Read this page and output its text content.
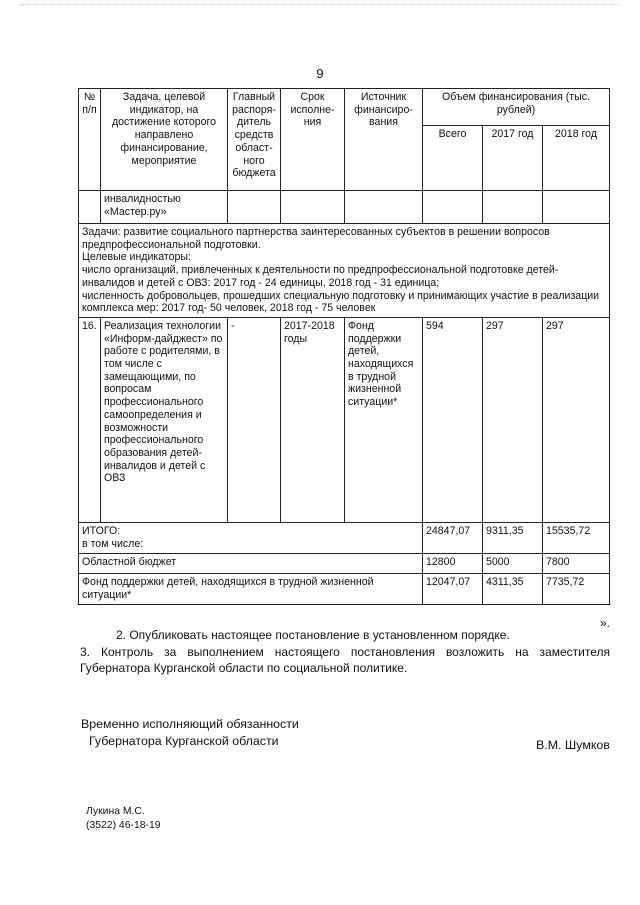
9
№ п/п	Задача, целевой индикатор, на достижение которого направлено финансирование, мероприятие	Главный распоря-дитель средств област-ного бюджета	Срок исполне-ния	Источник финансиро-вания	Объем финансирования (тыс. рублей)		
					Всего	2017 год	2018 год
	инвалидностью «Мастер.ру»						

Задачи: развитие социального партнерства заинтересованных субъектов в решении вопросов предпрофессиональной подготовки.
Целевые индикаторы:
число организаций, привлеченных к деятельности по предпрофессиональной подготовке детей-инвалидов и детей с ОВЗ: 2017 год - 24 единицы, 2018 год - 31 единица;
численность добровольцев, прошедших специальную подготовку и принимающих участие в реализации комплекса мер: 2017 год- 50 человек, 2018 год - 75 человек							

16.	Реализация технологии «Информ-дайджест» по работе с родителями, в том числе с замещающими, по вопросам профессионального самоопределения и возможности профессионального образования детей-инвалидов и детей с ОВЗ	-	2017-2018 годы	Фонд поддержки детей, находящихся в трудной жизненной ситуации*	594	297	297

ИТОГО:
в том числе:					24847,07	9311,35	15535,72
Областной бюджет					12800	5000	7800
Фонд поддержки детей, находящихся в трудной жизненной ситуации*					12047,07	4311,35	7735,72
».
2. Опубликовать настоящее постановление в установленном порядке.
3. Контроль за выполнением настоящего постановления возложить на заместителя Губернатора Курганской области по социальной политике.
Временно исполняющий обязанности
Губернатора Курганской области	В.М. Шумков
Лукина М.С.
(3522) 46-18-19
